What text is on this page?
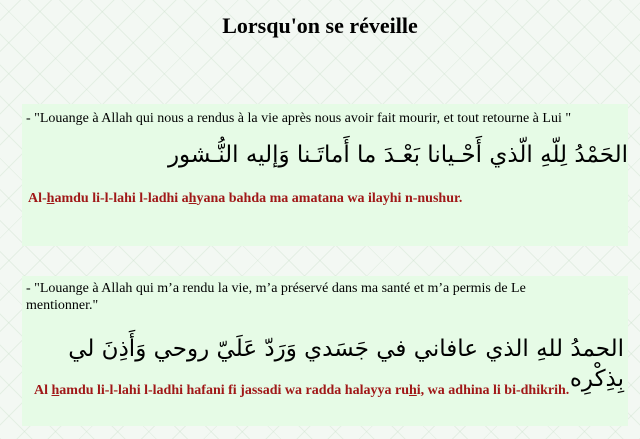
Lorsqu'on se réveille
- "Louange à Allah qui nous a rendus à la vie après nous avoir fait mourir, et tout retourne à Lui "
الحَمْدُ لِلّهِ الّذي أَحْـيانا بَعْـدَ ما أَماتَـنا وَإليه النُّـشور
Al-hamdu li-l-lahi l-ladhi ahyana bahda ma amatana wa ilayhi n-nushur.
- "Louange à Allah qui m’a rendu la vie, m’a préservé dans ma santé et m’a permis de Le mentionner."
الحمدُ للهِ الذي عافاني في جَسَدي وَرَدّ عَلَيّ روحي وَأَذِنَ لي بِذِكْرِه
Al hamdu li-l-lahi l-ladhi hafani fi jassadi wa radda halayya ruhi, wa adhina li bi-dhikrih.
